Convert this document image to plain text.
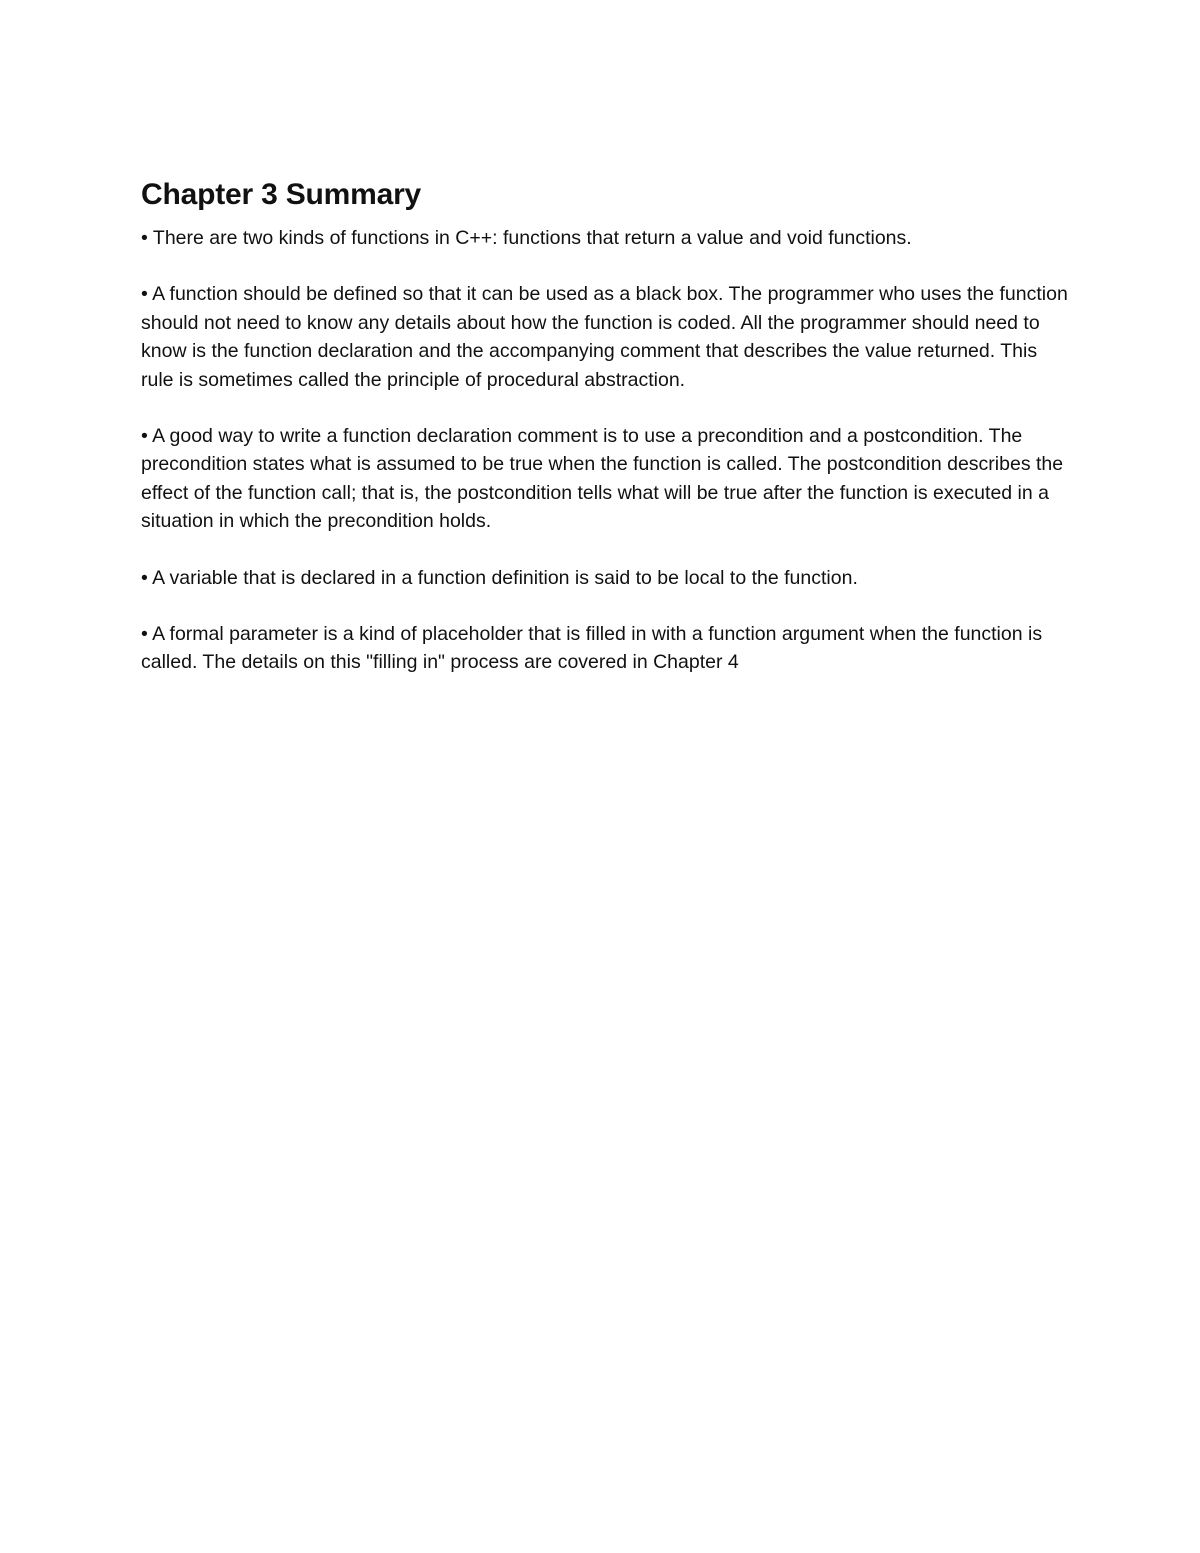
Chapter 3 Summary
• There are two kinds of functions in C++: functions that return a value and void functions.
• A function should be defined so that it can be used as a black box. The programmer who uses the function should not need to know any details about how the function is coded. All the programmer should need to know is the function declaration and the accompanying comment that describes the value returned. This rule is sometimes called the principle of procedural abstraction.
• A good way to write a function declaration comment is to use a precondition and a postcondition. The precondition states what is assumed to be true when the function is called. The postcondition describes the effect of the function call; that is, the postcondition tells what will be true after the function is executed in a situation in which the precondition holds.
• A variable that is declared in a function definition is said to be local to the function.
• A formal parameter is a kind of placeholder that is filled in with a function argument when the function is called. The details on this "filling in" process are covered in Chapter 4
